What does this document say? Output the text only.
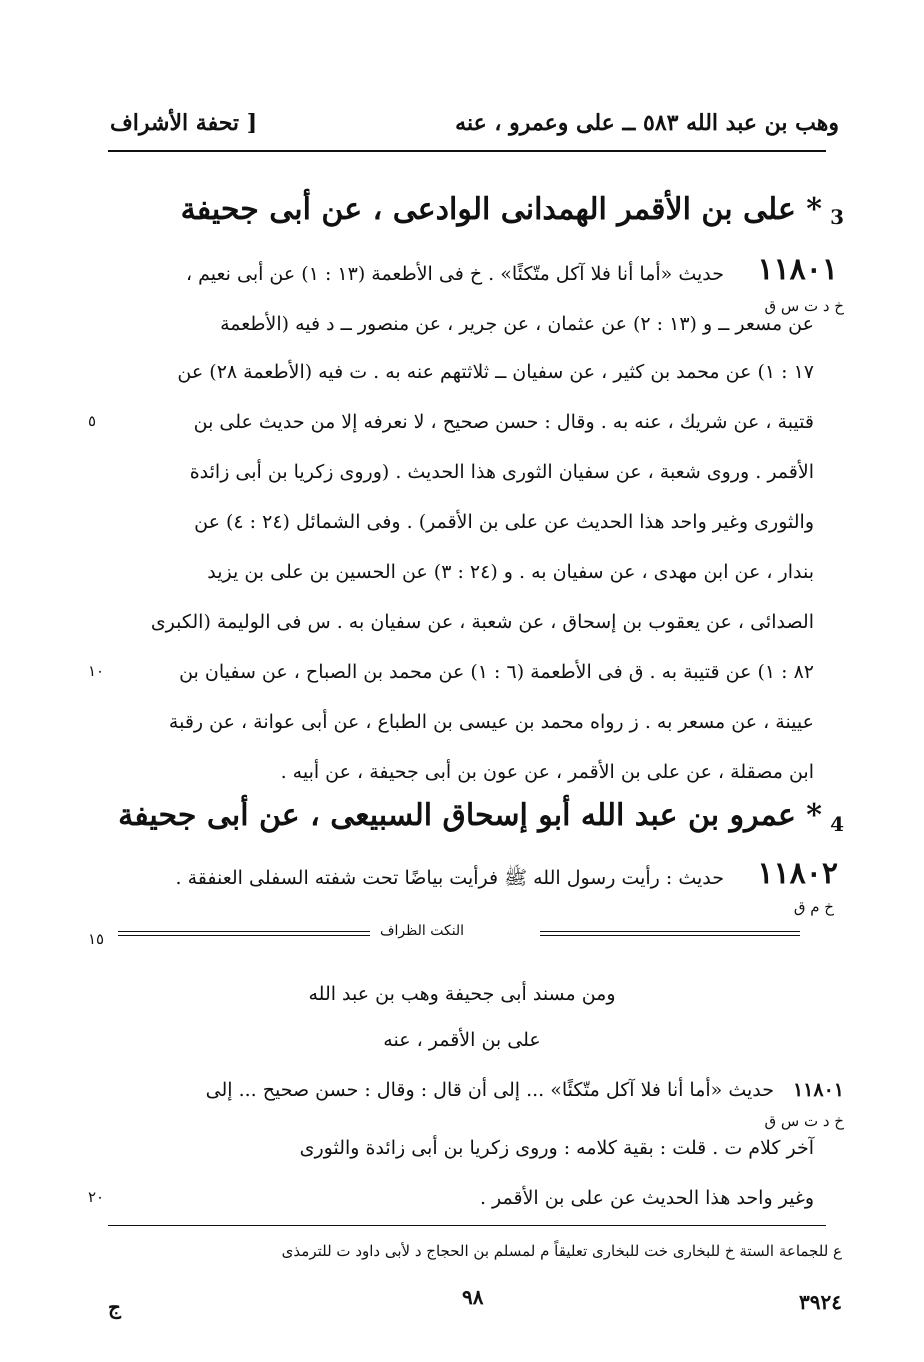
وهب بن عبد الله ٥٨٣ ــ على وعمرو ، عنه
[ تحفة الأشراف
3
* على بن الأقمر الهمدانى الوادعى ، عن أبى جحيفة
١١٨٠١
خ د ت س ق
حديث «أما أنا فلا آكل متّكئًا» . خ فى الأطعمة (١٣ : ١) عن أبى نعيم ،
عن مسعر ــ و (١٣ : ٢) عن عثمان ، عن جرير ، عن منصور ــ د فيه (الأطعمة
١٧ : ١) عن محمد بن كثير ، عن سفيان ــ ثلاثتهم عنه به . ت فيه (الأطعمة ٢٨) عن
قتيبة ، عن شريك ، عنه به . وقال : حسن صحيح ، لا نعرفه إلا من حديث على بن
الأقمر . وروى شعبة ، عن سفيان الثورى هذا الحديث . (وروى زكريا بن أبى زائدة
والثورى وغير واحد هذا الحديث عن على بن الأقمر) . وفى الشمائل (٢٤ : ٤) عن
بندار ، عن ابن مهدى ، عن سفيان به . و (٢٤ : ٣) عن الحسين بن على بن يزيد
الصدائى ، عن يعقوب بن إسحاق ، عن شعبة ، عن سفيان به . س فى الوليمة (الكبرى
٨٢ : ١) عن قتيبة به . ق فى الأطعمة (٦ : ١) عن محمد بن الصباح ، عن سفيان بن
عيينة ، عن مسعر به . ز رواه محمد بن عيسى بن الطباع ، عن أبى عوانة ، عن رقبة
ابن مصقلة ، عن على بن الأقمر ، عن عون بن أبى جحيفة ، عن أبيه .
٥
١٠
١٥
٢٠
4
* عمرو بن عبد الله أبو إسحاق السبيعى ، عن أبى جحيفة
١١٨٠٢
حديث : رأيت رسول الله ﷺ فرأيت بياضًا تحت شفته السفلى العنفقة .
خ م ق
النكت الظراف
ومن مسند أبى جحيفة وهب بن عبد الله
على بن الأقمر ، عنه
١١٨٠١
حديث «أما أنا فلا آكل متّكئًا» ... إلى أن قال : وقال : حسن صحيح ... إلى
خ د ت س ق
آخر كلام ت . قلت : بقية كلامه : وروى زكريا بن أبى زائدة والثورى
وغير واحد هذا الحديث عن على بن الأقمر .
ع للجماعة الستة خ للبخارى خت للبخارى تعليقاً م لمسلم بن الحجاج د لأبى داود ت للترمذى
٩٨	٣٩٢٤
ج
